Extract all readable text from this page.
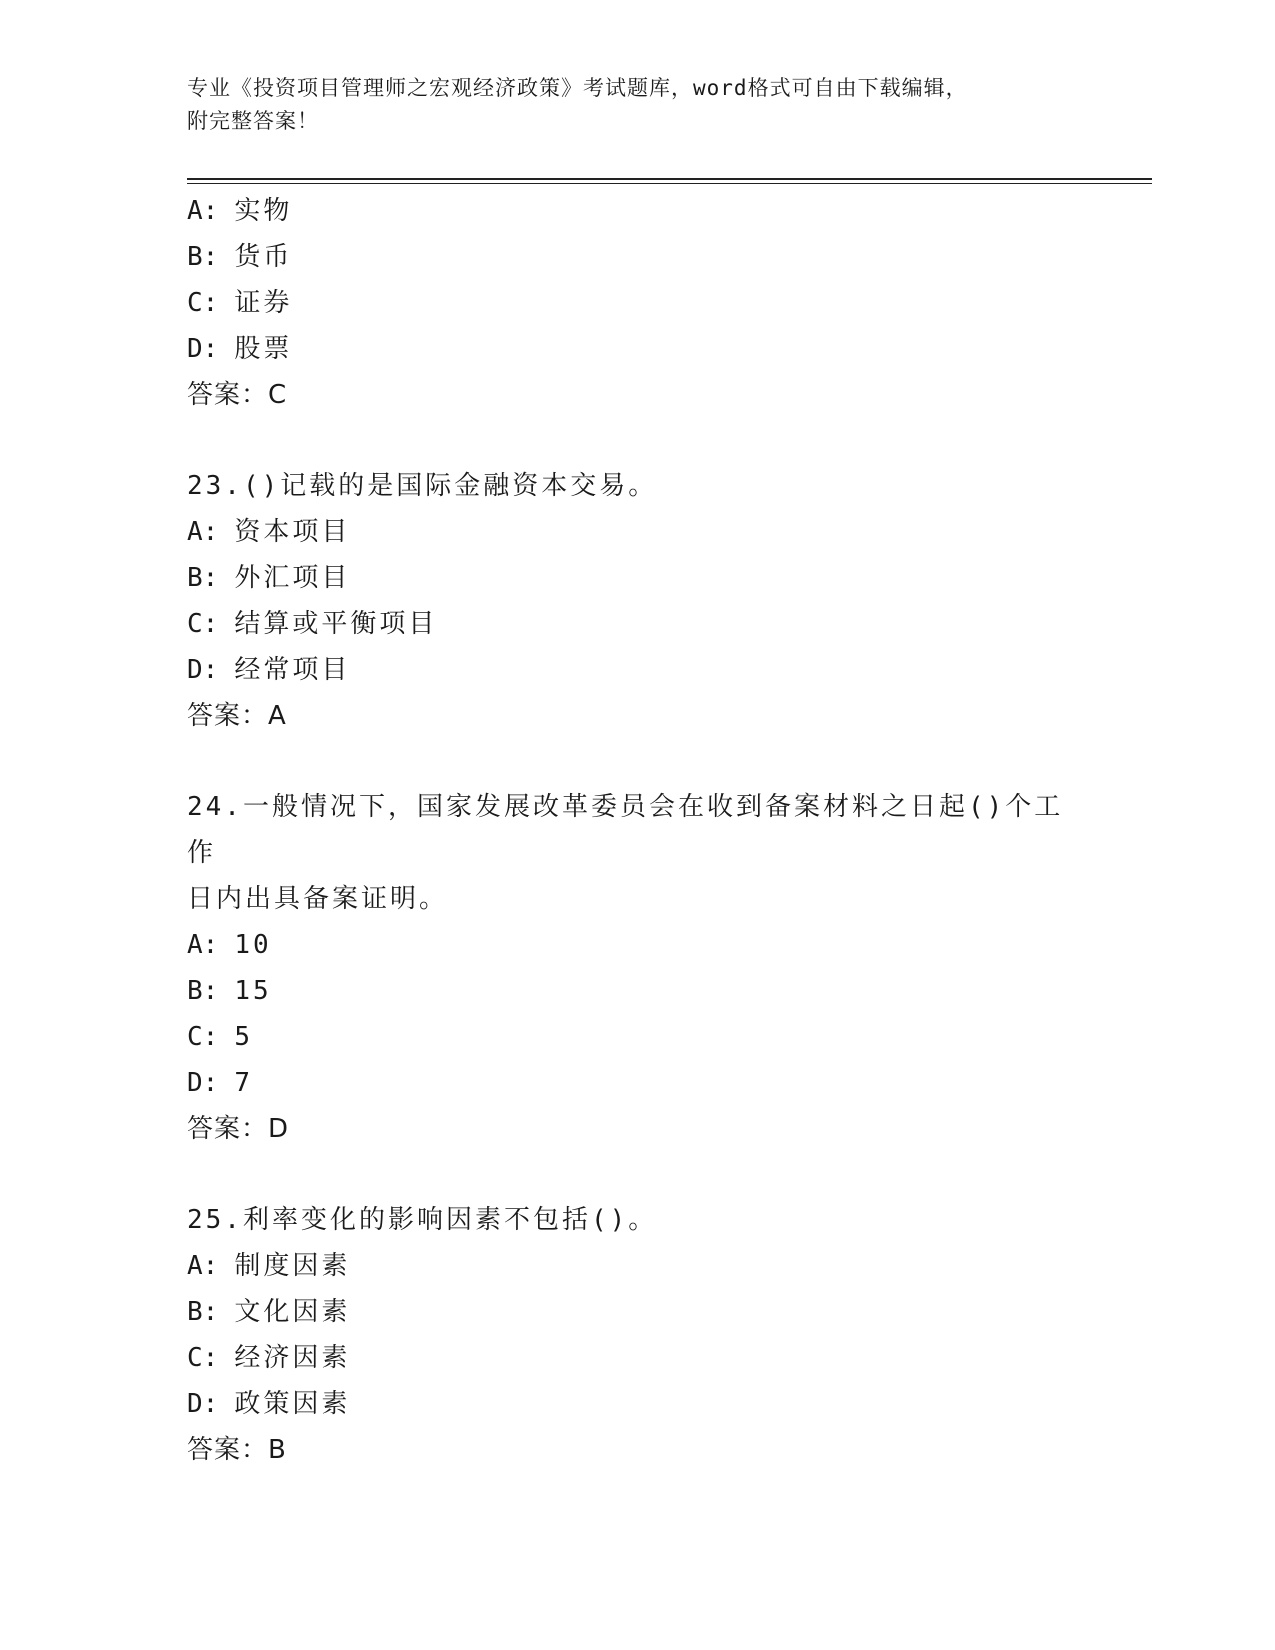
专业《投资项目管理师之宏观经济政策》考试题库，word格式可自由下载编辑，
附完整答案！
A: 实物
B: 货币
C: 证券
D: 股票
答案：C
23.()记载的是国际金融资本交易。
A: 资本项目
B: 外汇项目
C: 结算或平衡项目
D: 经常项目
答案：A
24.一般情况下，国家发展改革委员会在收到备案材料之日起()个工作
日内出具备案证明。
A: 10
B: 15
C: 5
D: 7
答案：D
25.利率变化的影响因素不包括()。
A: 制度因素
B: 文化因素
C: 经济因素
D: 政策因素
答案：B
